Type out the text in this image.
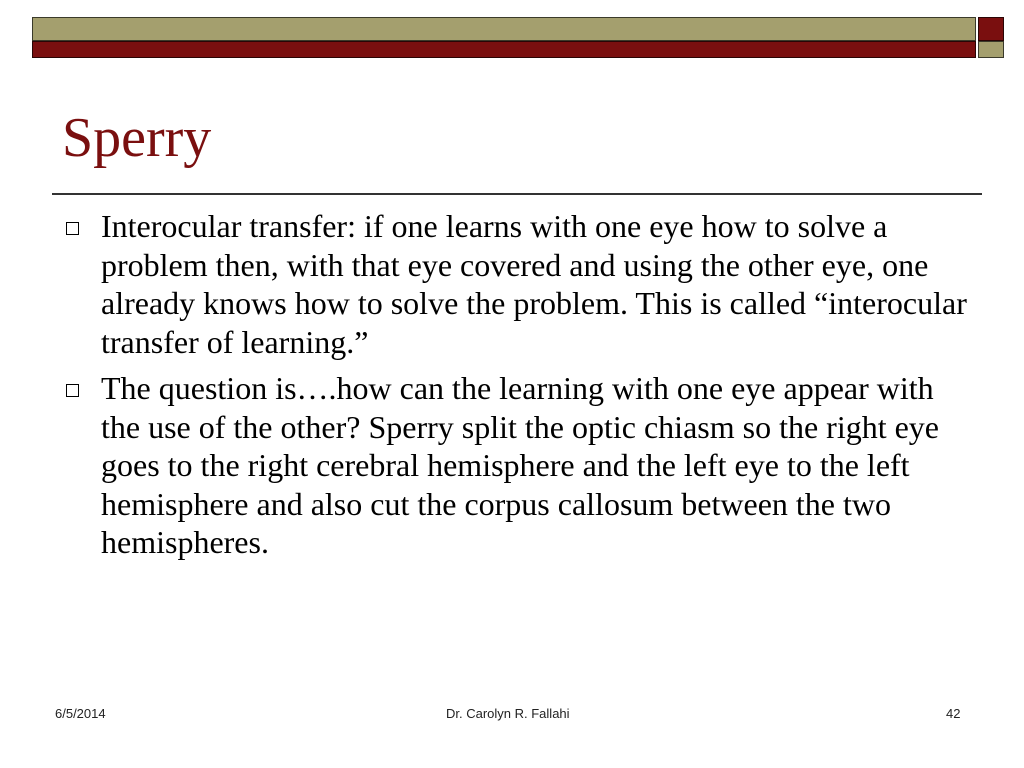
Sperry
Interocular transfer: if one learns with one eye how to solve a problem then, with that eye covered and using the other eye, one already knows how to solve the problem. This is called “interocular transfer of learning.”
The question is….how can the learning with one eye appear with the use of the other? Sperry split the optic chiasm so the right eye goes to the right cerebral hemisphere and the left eye to the left hemisphere and also cut the corpus callosum between the two hemispheres.
6/5/2014	Dr. Carolyn R. Fallahi	42
